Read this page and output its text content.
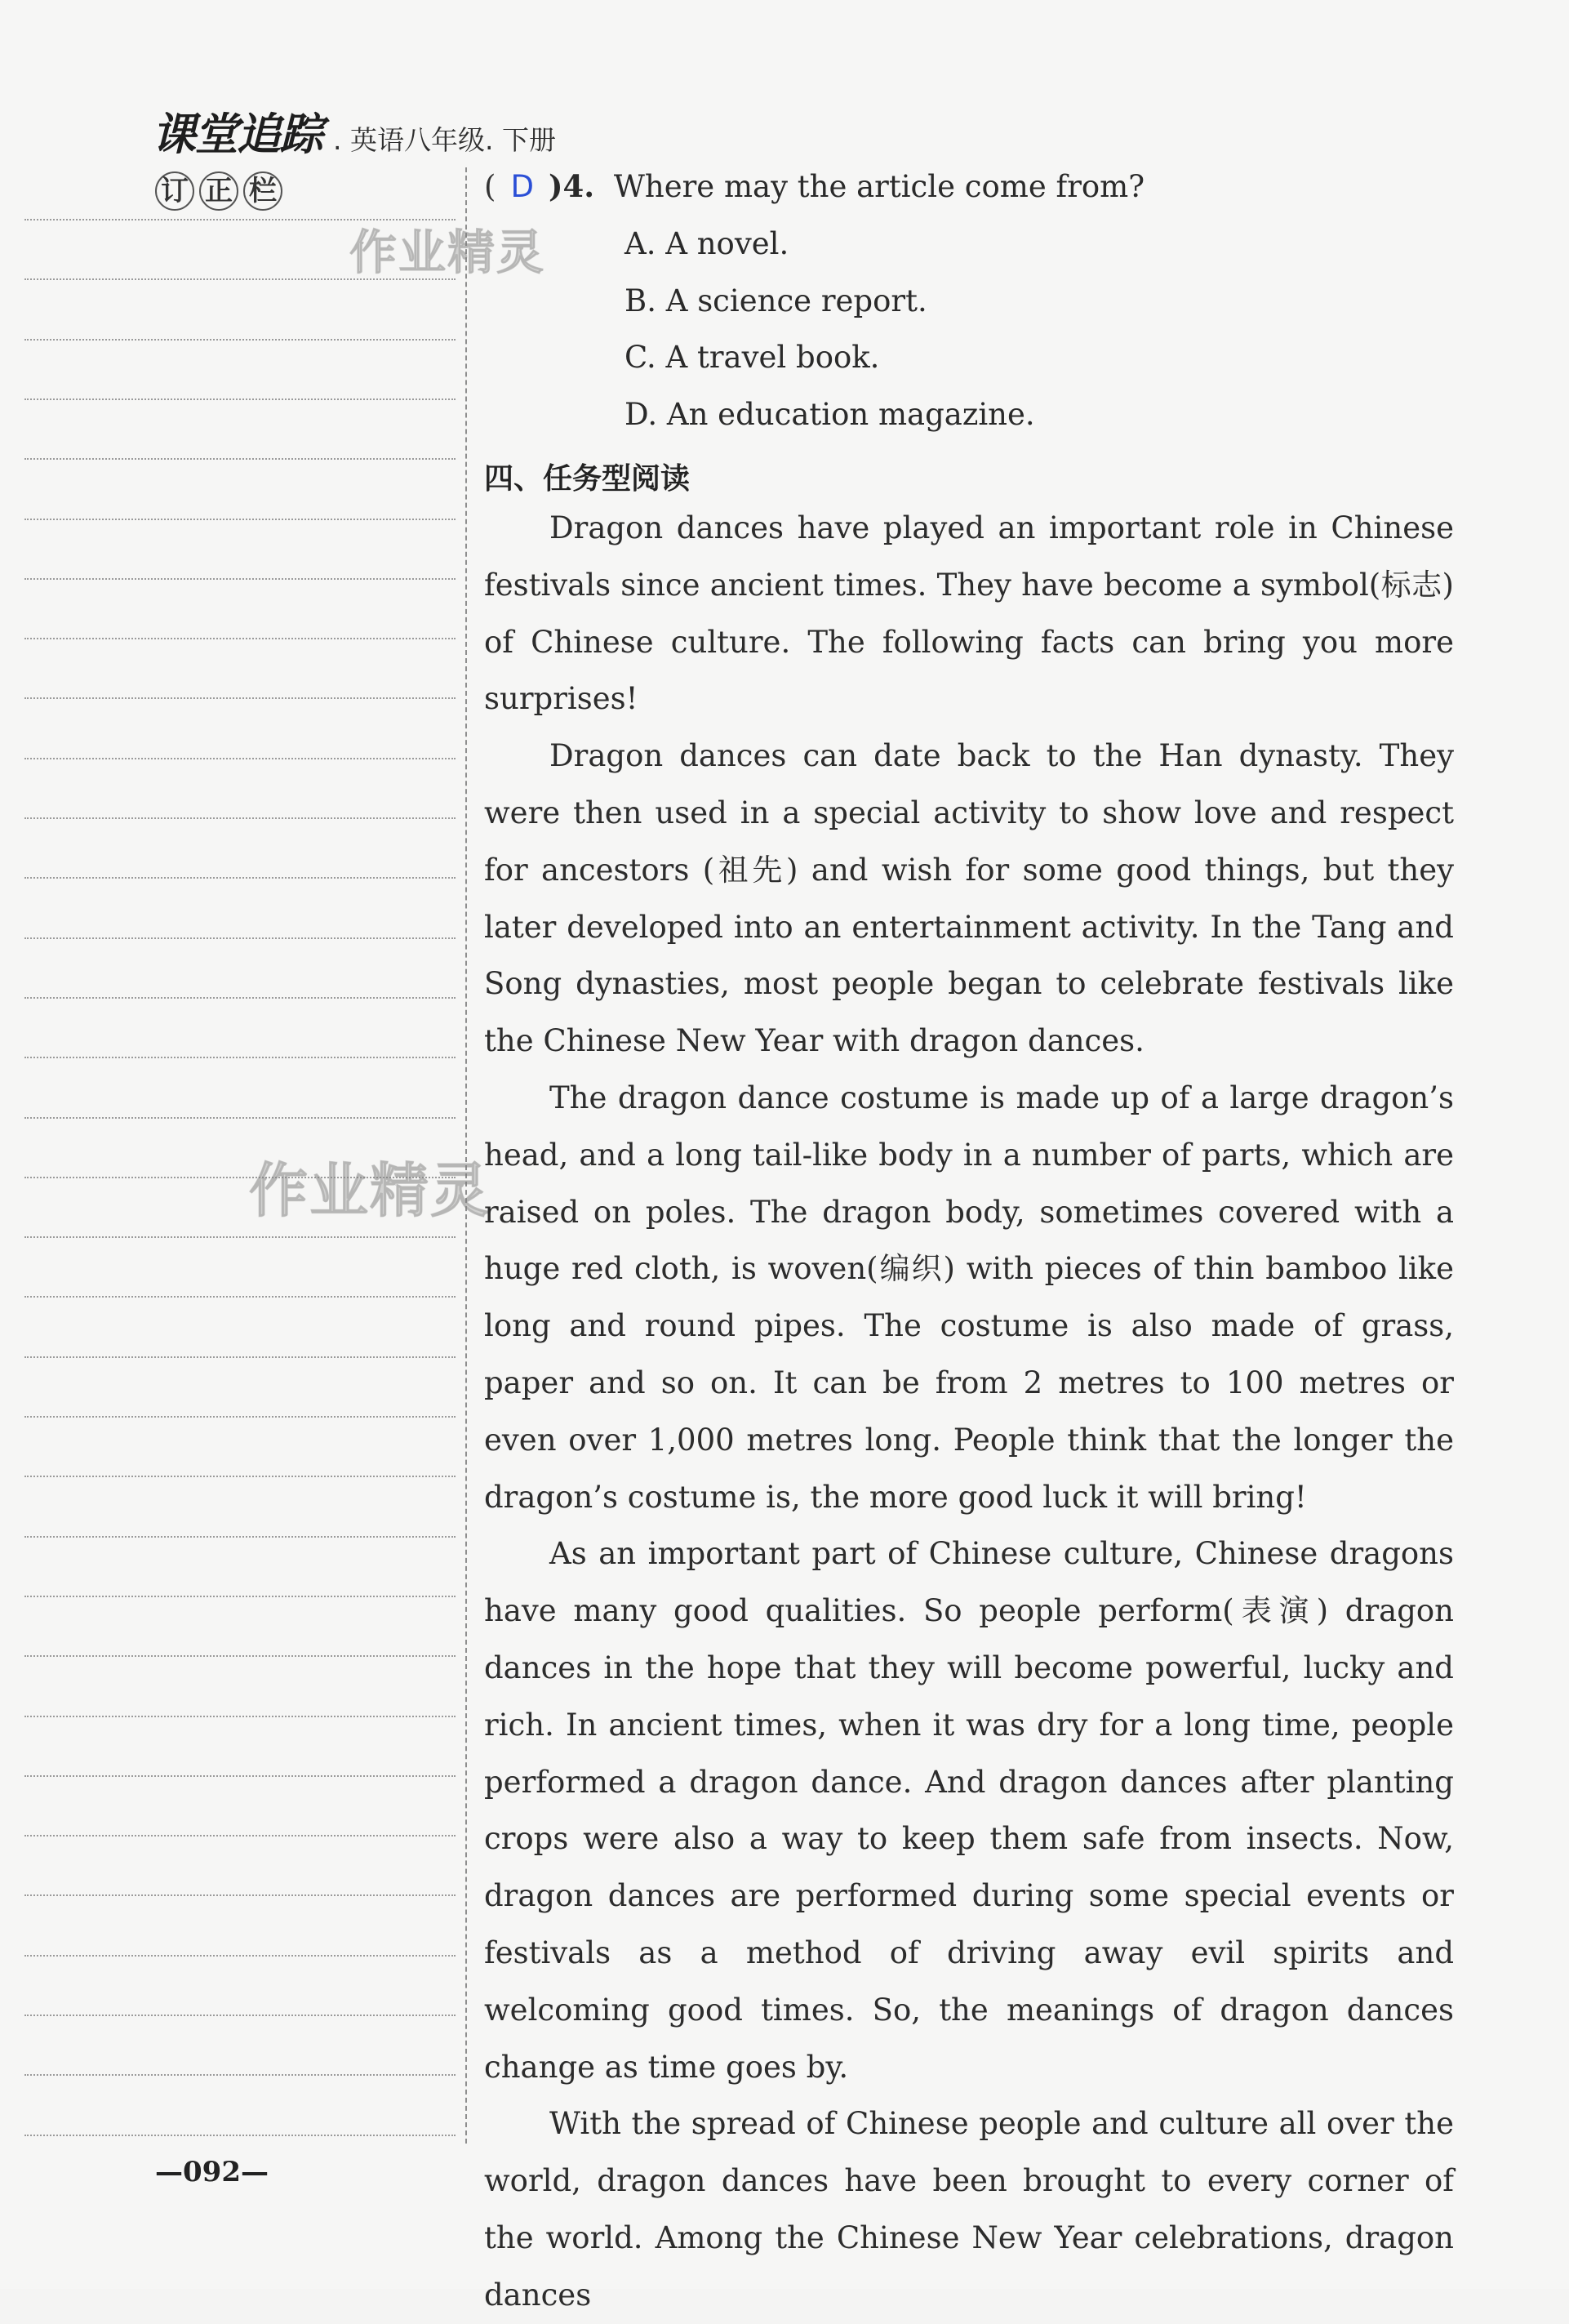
课堂追踪 . 英语八年级. 下册
订 正 栏
作业精灵
作业精灵
( D )4. Where may the article come from?
A. A novel.
B. A science report.
C. A travel book.
D. An education magazine.
四、任务型阅读

Dragon dances have played an important role in Chinese festivals since ancient times. They have become a symbol(标志) of Chinese culture. The following facts can bring you more surprises!

Dragon dances can date back to the Han dynasty. They were then used in a special activity to show love and respect for ancestors (祖先) and wish for some good things, but they later developed into an entertainment activity. In the Tang and Song dynasties, most people began to celebrate festivals like the Chinese New Year with dragon dances.

The dragon dance costume is made up of a large dragon’s head, and a long tail-like body in a number of parts, which are raised on poles. The dragon body, sometimes covered with a huge red cloth, is woven(编织) with pieces of thin bamboo like long and round pipes. The costume is also made of grass, paper and so on. It can be from 2 metres to 100 metres or even over 1,000 metres long. People think that the longer the dragon’s costume is, the more good luck it will bring!

As an important part of Chinese culture, Chinese dragons have many good qualities. So people perform(表演) dragon dances in the hope that they will become powerful, lucky and rich. In ancient times, when it was dry for a long time, people performed a dragon dance. And dragon dances after planting crops were also a way to keep them safe from insects. Now, dragon dances are performed during some special events or festivals as a method of driving away evil spirits and welcoming good times. So, the meanings of dragon dances change as time goes by.

With the spread of Chinese people and culture all over the world, dragon dances have been brought to every corner of the world. Among the Chinese New Year celebrations, dragon dances

—092—
